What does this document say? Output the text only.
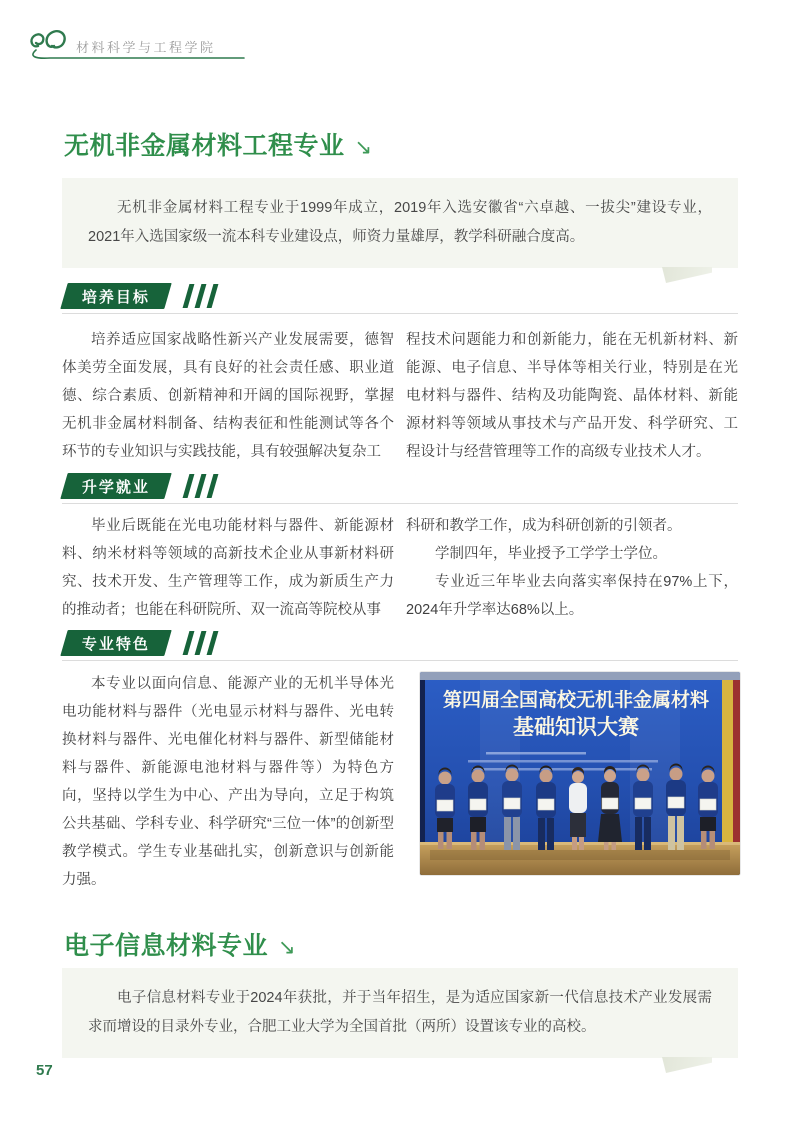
材料科学与工程学院
无机非金属材料工程专业 ↘

无机非金属材料工程专业于1999年成立，2019年入选安徽省“六卓越、一拔尖”建设专业，2021年入选国家级一流本科专业建设点，师资力量雄厚，教学科研融合度高。

培养目标

培养适应国家战略性新兴产业发展需要，德智体美劳全面发展，具有良好的社会责任感、职业道德、综合素质、创新精神和开阔的国际视野，掌握无机非金属材料制备、结构表征和性能测试等各个环节的专业知识与实践技能，具有较强解决复杂工

程技术问题能力和创新能力，能在无机新材料、新能源、电子信息、半导体等相关行业，特别是在光电材料与器件、结构及功能陶瓷、晶体材料、新能源材料等领域从事技术与产品开发、科学研究、工程设计与经营管理等工作的高级专业技术人才。

升学就业

毕业后既能在光电功能材料与器件、新能源材料、纳米材料等领域的高新技术企业从事新材料研究、技术开发、生产管理等工作，成为新质生产力的推动者；也能在科研院所、双一流高等院校从事

科研和教学工作，成为科研创新的引领者。

学制四年，毕业授予工学学士学位。

专业近三年毕业去向落实率保持在97%上下，2024年升学率达68%以上。

专业特色

本专业以面向信息、能源产业的无机半导体光电功能材料与器件（光电显示材料与器件、光电转换材料与器件、光电催化材料与器件、新型储能材料与器件、新能源电池材料与器件等）为特色方向，坚持以学生为中心、产出为导向，立足于构筑公共基础、学科专业、科学研究“三位一体”的创新型教学模式。学生专业基础扎实，创新意识与创新能力强。

第四届全国高校无机非金属材料
基础知识大赛
电子信息材料专业 ↘

电子信息材料专业于2024年获批，并于当年招生，是为适应国家新一代信息技术产业发展需求而增设的目录外专业，合肥工业大学为全国首批（两所）设置该专业的高校。

57
